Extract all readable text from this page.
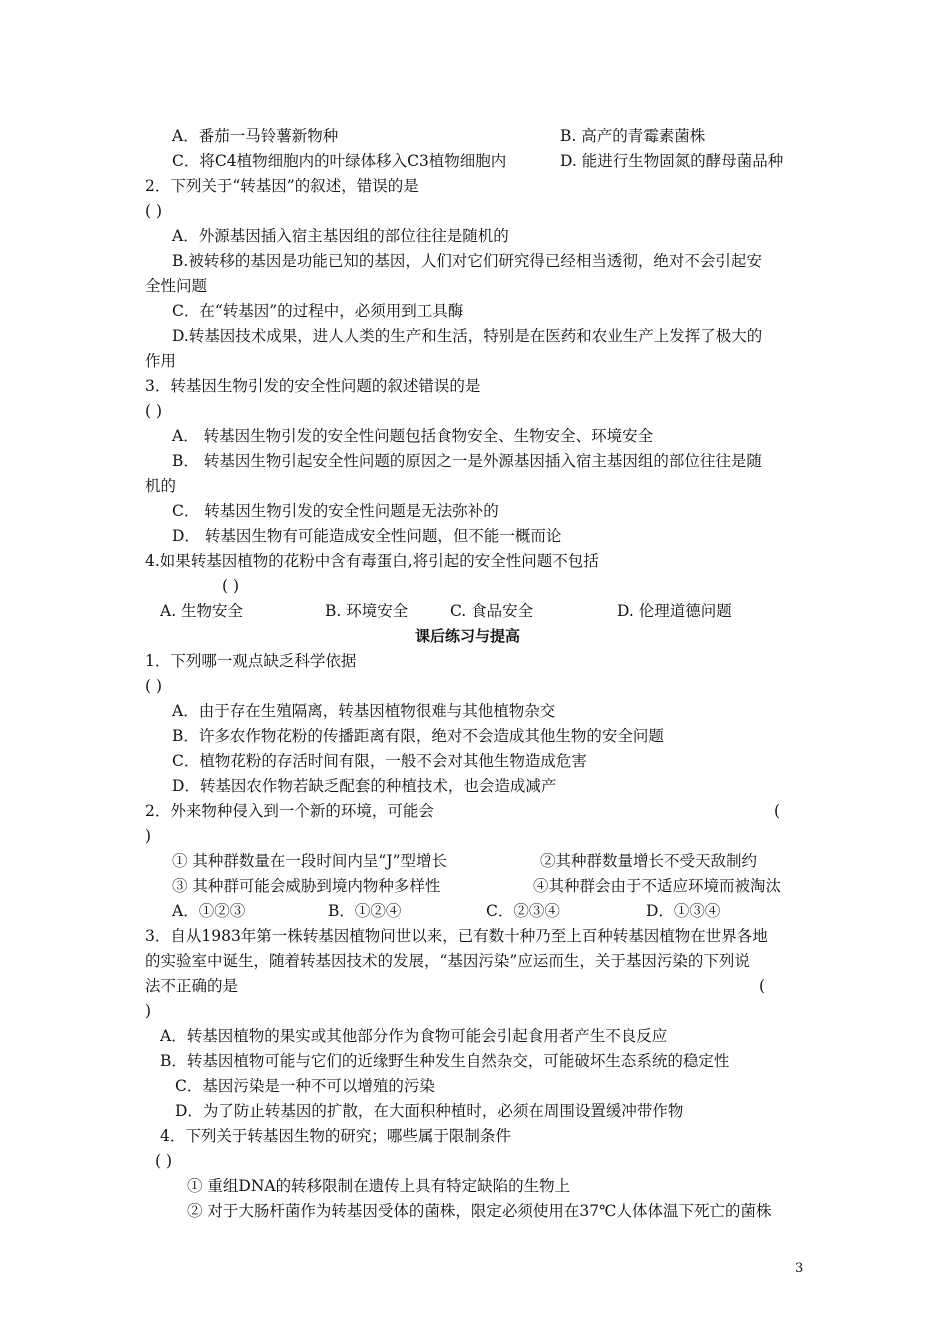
A．番茄一马铃薯新物种	B. 高产的青霉素菌株
C．将C4植物细胞内的叶绿体移入C3植物细胞内	D. 能进行生物固氮的酵母菌品种
2．下列关于“转基因”的叙述，错误的是
( )
A．外源基因插入宿主基因组的部位往往是随机的
B.被转移的基因是功能已知的基因，人们对它们研究得已经相当透彻，绝对不会引起安
全性问题
C．在“转基因”的过程中，必须用到工具酶
D.转基因技术成果，进人人类的生产和生活，特别是在医药和农业生产上发挥了极大的
作用
3．转基因生物引发的安全性问题的叙述错误的是
( )
A． 转基因生物引发的安全性问题包括食物安全、生物安全、环境安全
B． 转基因生物引起安全性问题的原因之一是外源基因插入宿主基因组的部位往往是随
机的
C． 转基因生物引发的安全性问题是无法弥补的
D． 转基因生物有可能造成安全性问题，但不能一概而论
4.如果转基因植物的花粉中含有毒蛋白,将引起的安全性问题不包括
( )
A. 生物安全	B. 环境安全	C. 食品安全	D. 伦理道德问题
课后练习与提高
1．下列哪一观点缺乏科学依据
( )
A．由于存在生殖隔离，转基因植物很难与其他植物杂交
B．许多农作物花粉的传播距离有限，绝对不会造成其他生物的安全问题
C．植物花粉的存活时间有限，一般不会对其他生物造成危害
D．转基因农作物若缺乏配套的种植技术，也会造成减产
2．外来物种侵入到一个新的环境，可能会	(
)
① 其种群数量在一段时间内呈“J”型增长	②其种群数量增长不受天敌制约
③ 其种群可能会威胁到境内物种多样性	④其种群会由于不适应环境而被淘汰
A．①②③	B．①②④	C．②③④	D．①③④
3．自从1983年第一株转基因植物问世以来，已有数十种乃至上百种转基因植物在世界各地
的实验室中诞生，随着转基因技术的发展，“基因污染”应运而生，关于基因污染的下列说
法不正确的是	(
)
A．转基因植物的果实或其他部分作为食物可能会引起食用者产生不良反应
B．转基因植物可能与它们的近缘野生种发生自然杂交，可能破坏生态系统的稳定性
C．基因污染是一种不可以增殖的污染
D．为了防止转基因的扩散，在大面积种植时，必须在周围设置缓冲带作物
4．下列关于转基因生物的研究；哪些属于限制条件
( )
① 重组DNA的转移限制在遗传上具有特定缺陷的生物上
② 对于大肠杆菌作为转基因受体的菌株，限定必须使用在37℃人体体温下死亡的菌株
3
